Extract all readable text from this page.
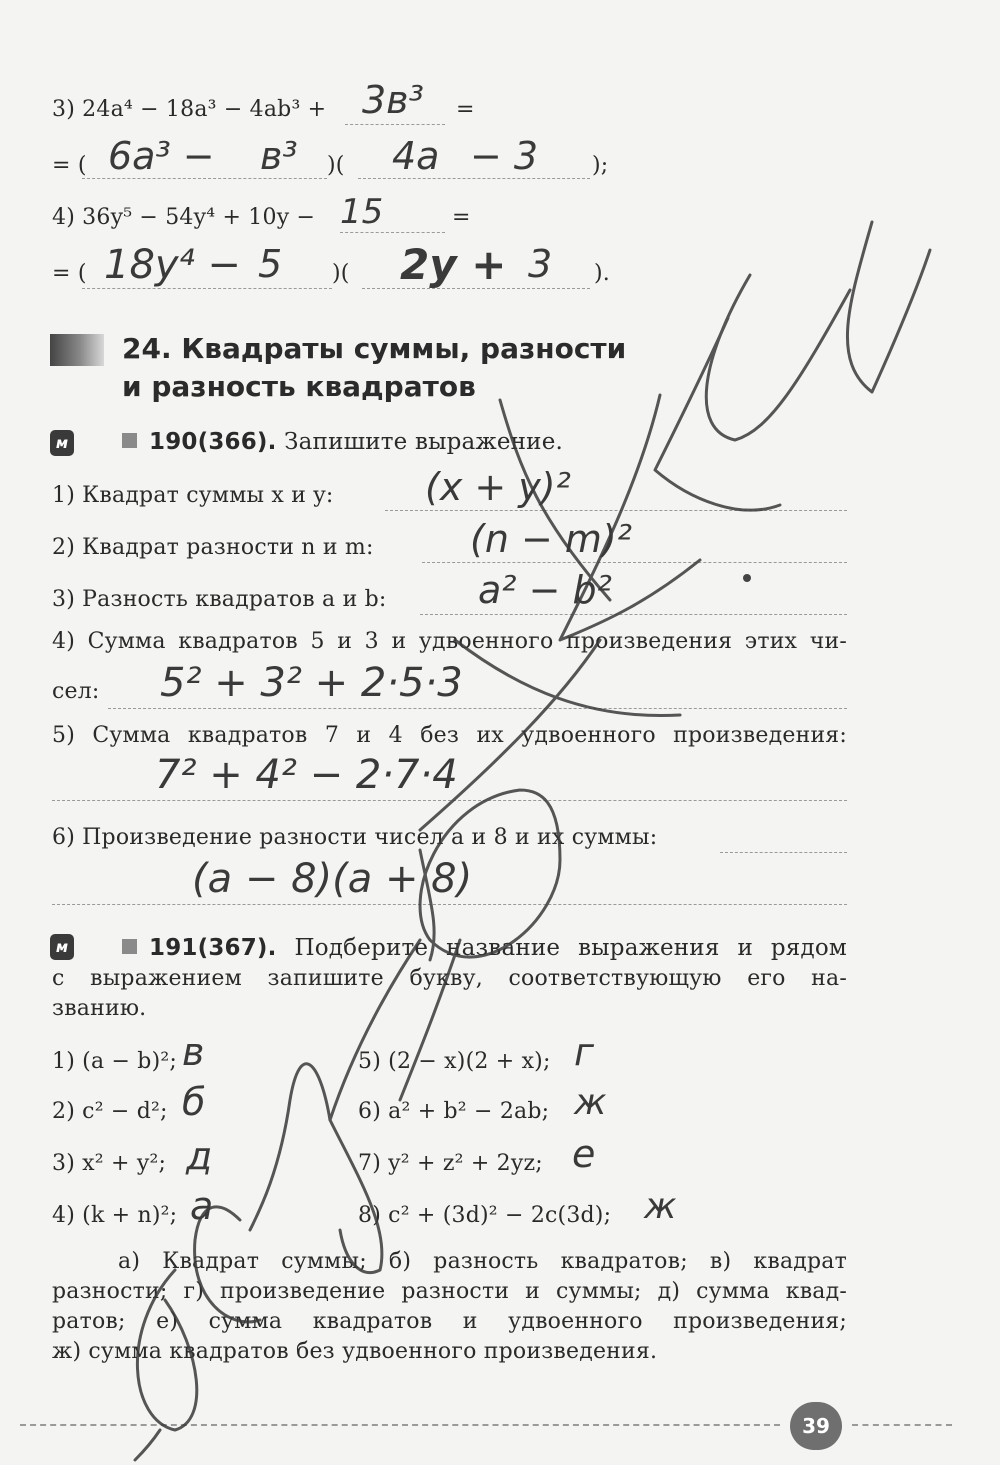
3) 24a⁴ − 18a³ − 4ab³ + 3в³ =
= ( 6a³ − в³ )( 4a − 3 );
4) 36y⁵ − 54y⁴ + 10y − 15	=
= ( 18y⁴ − 5 )( 2y + 3 ).
24. Квадраты суммы, разности
и разность квадратов
м	190(366). Запишите выражение.
1) Квадрат суммы x и y: (x + y)²
2) Квадрат разности n и m:	(n − m)²
3) Разность квадратов a и b: a² − b²
4) Сумма квадратов 5 и 3 и удвоенного произведения этих чи-
сел: 5² + 3² + 2·5·3
5) Сумма квадратов 7 и 4 без их удвоенного произведения:
7² + 4² − 2·7·4
6) Произведение разности чисел a и 8 и их суммы:
(a − 8)(a + 8)
м	191(367). Подберите название выражения и рядом
с выражением запишите букву, соответствующую его на-
званию.
1) (a − b)²; в
2) c² − d²; б
3) x² + y²; д
4) (k + n)²; а
5) (2 − x)(2 + x); г
6) a² + b² − 2ab; ж
7) y² + z² + 2yz; е
8) c² + (3d)² − 2c(3d); ж
а) Квадрат суммы; б) разность квадратов; в) квадрат
разности; г) произведение разности и суммы; д) сумма квад-
ратов; е) сумма квадратов и удвоенного произведения;
ж) сумма квадратов без удвоенного произведения.
39
